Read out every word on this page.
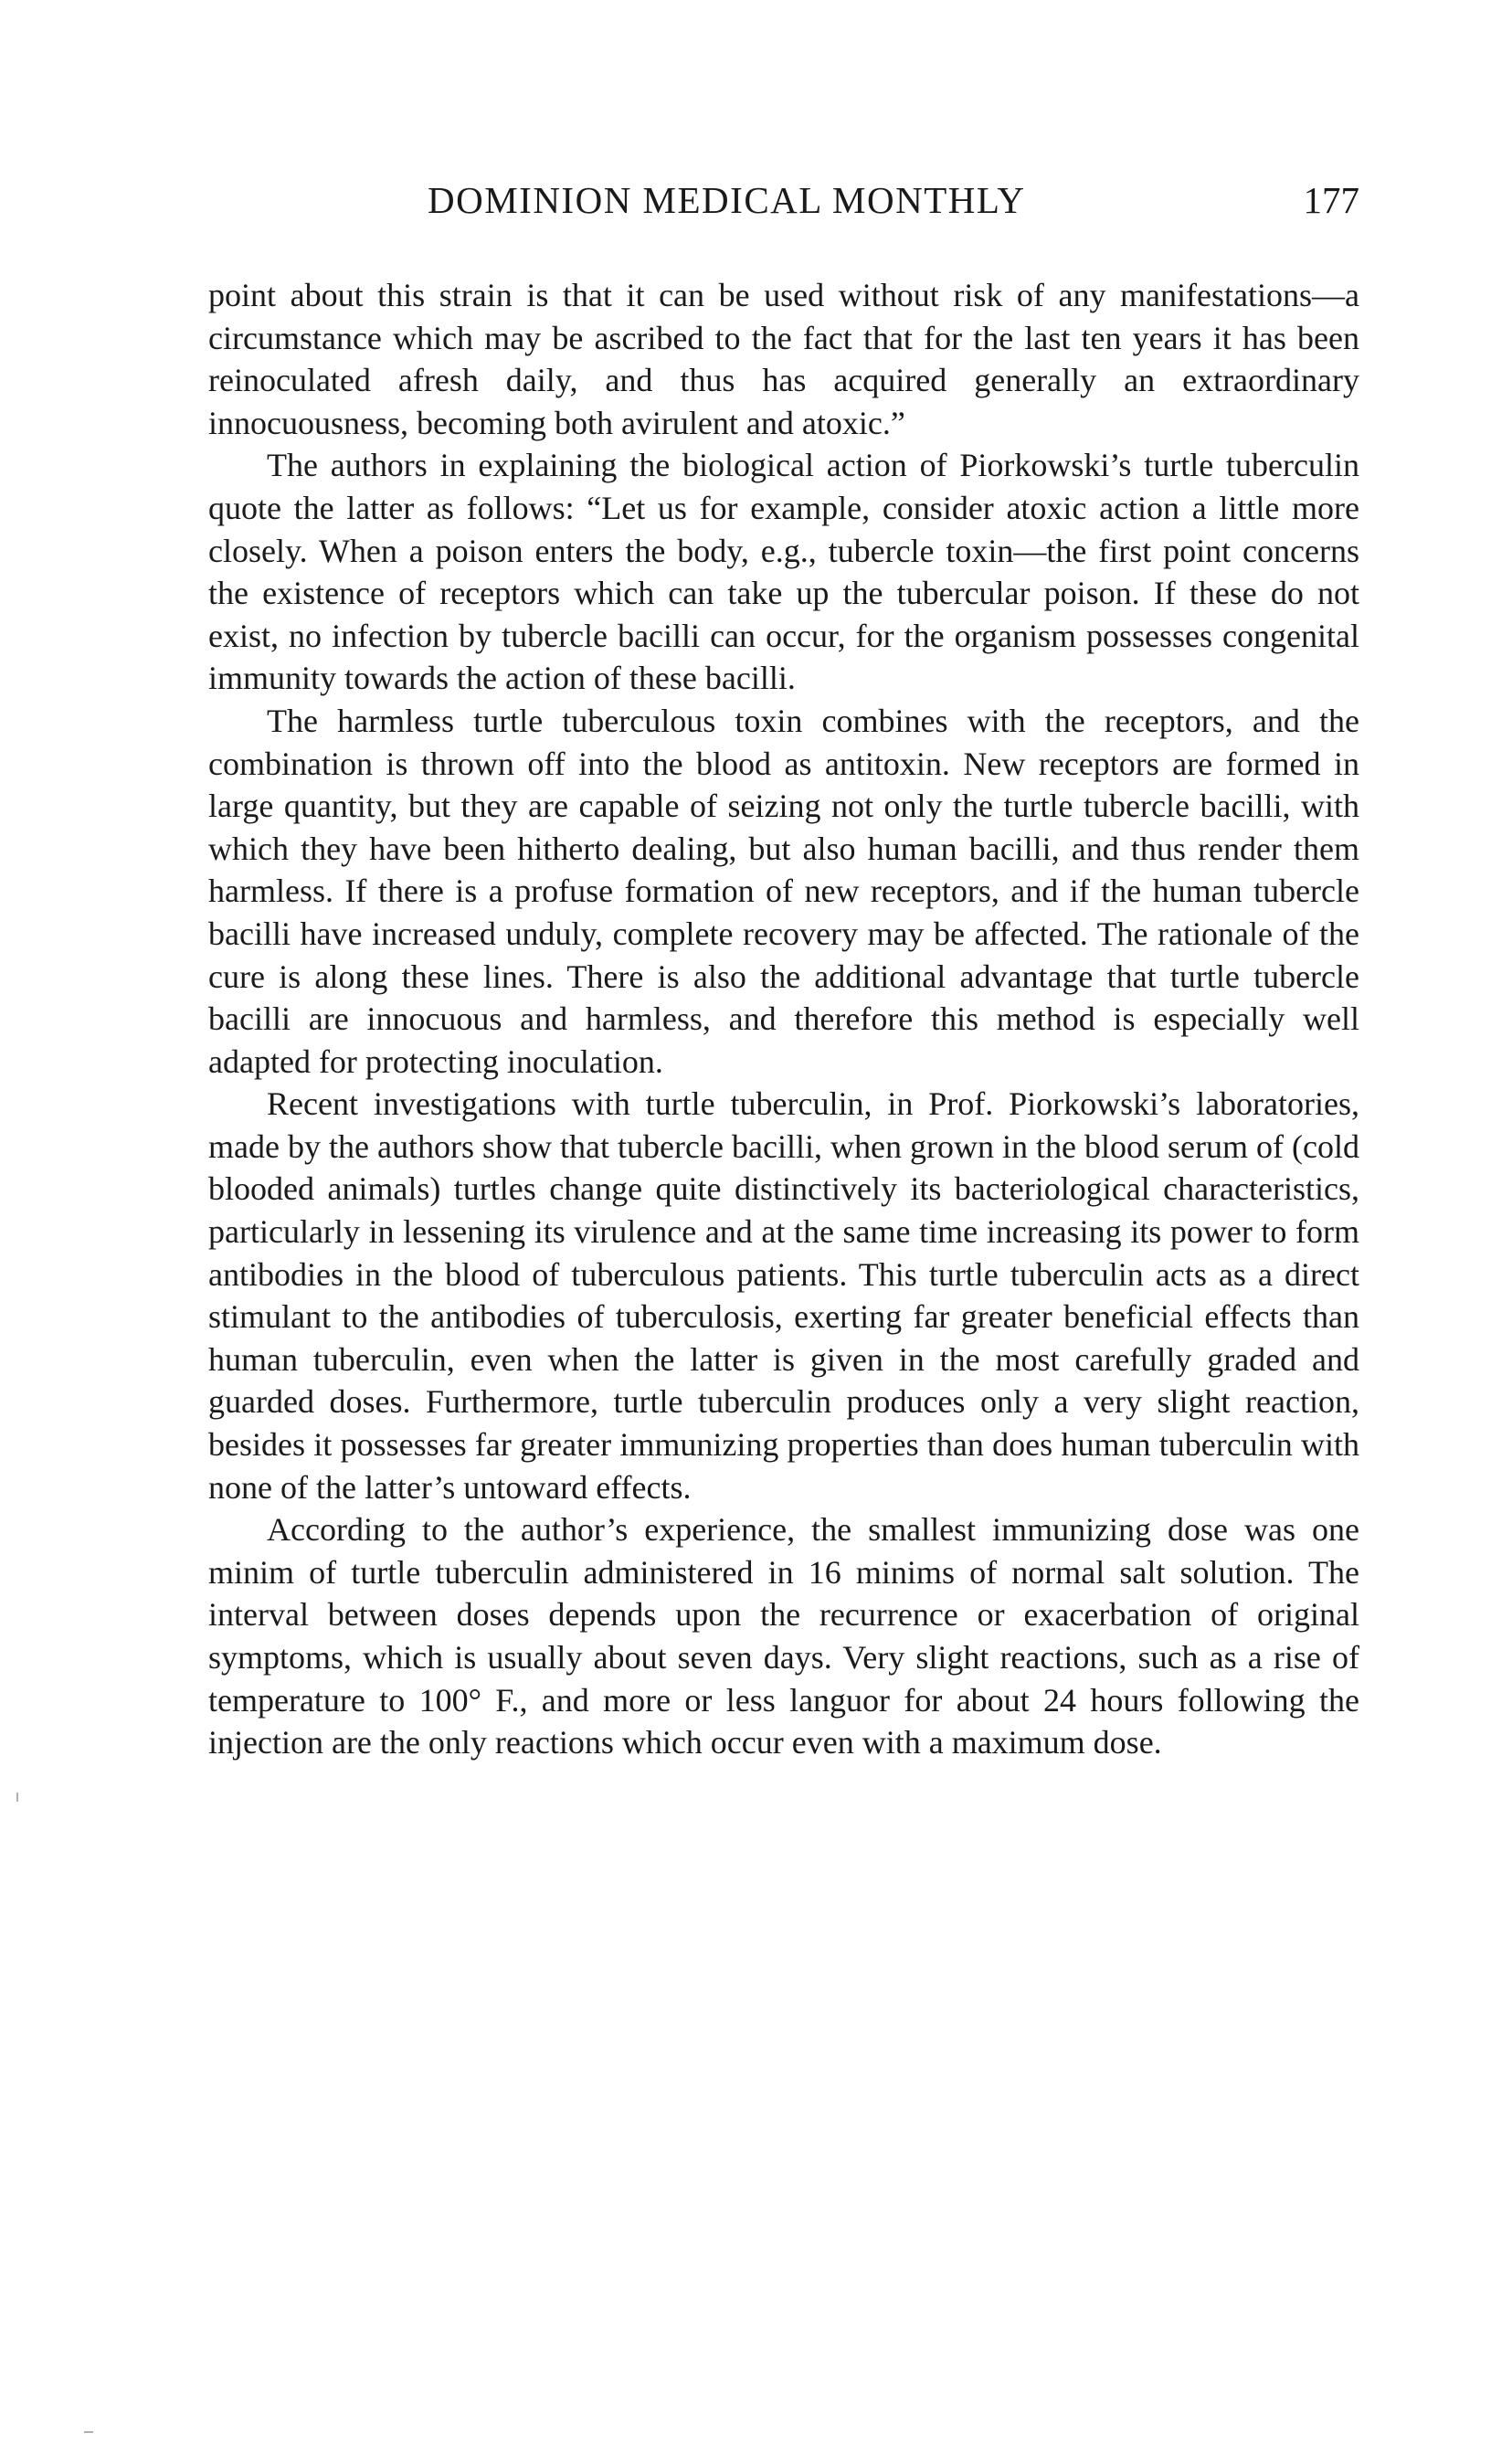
DOMINION MEDICAL MONTHLY	177

point about this strain is that it can be used without risk of any manifestations—a circumstance which may be ascribed to the fact that for the last ten years it has been reinoculated afresh daily, and thus has acquired generally an extraordinary innocuousness, becoming both avirulent and atoxic.”

The authors in explaining the biological action of Piorkowski’s turtle tuberculin quote the latter as follows: “Let us for example, consider atoxic action a little more closely. When a poison enters the body, e.g., tubercle toxin—the first point concerns the existence of receptors which can take up the tubercular poison. If these do not exist, no infection by tubercle bacilli can occur, for the organism possesses congenital immunity towards the action of these bacilli.

The harmless turtle tuberculous toxin combines with the receptors, and the combination is thrown off into the blood as antitoxin. New receptors are formed in large quantity, but they are capable of seizing not only the turtle tubercle bacilli, with which they have been hitherto dealing, but also human bacilli, and thus render them harmless. If there is a profuse formation of new receptors, and if the human tubercle bacilli have increased unduly, complete recovery may be affected. The rationale of the cure is along these lines. There is also the additional advantage that turtle tubercle bacilli are innocuous and harmless, and therefore this method is especially well adapted for protecting inoculation.

Recent investigations with turtle tuberculin, in Prof. Piorkowski’s laboratories, made by the authors show that tubercle bacilli, when grown in the blood serum of (cold blooded animals) turtles change quite distinctively its bacteriological characteristics, particularly in lessening its virulence and at the same time increasing its power to form antibodies in the blood of tuberculous patients. This turtle tuberculin acts as a direct stimulant to the antibodies of tuberculosis, exerting far greater beneficial effects than human tuberculin, even when the latter is given in the most carefully graded and guarded doses. Furthermore, turtle tuberculin produces only a very slight reaction, besides it possesses far greater immunizing properties than does human tuberculin with none of the latter’s untoward effects.

According to the author’s experience, the smallest immunizing dose was one minim of turtle tuberculin administered in 16 minims of normal salt solution. The interval between doses depends upon the recurrence or exacerbation of original symptoms, which is usually about seven days. Very slight reactions, such as a rise of temperature to 100° F., and more or less languor for about 24 hours following the injection are the only reactions which occur even with a maximum dose.
